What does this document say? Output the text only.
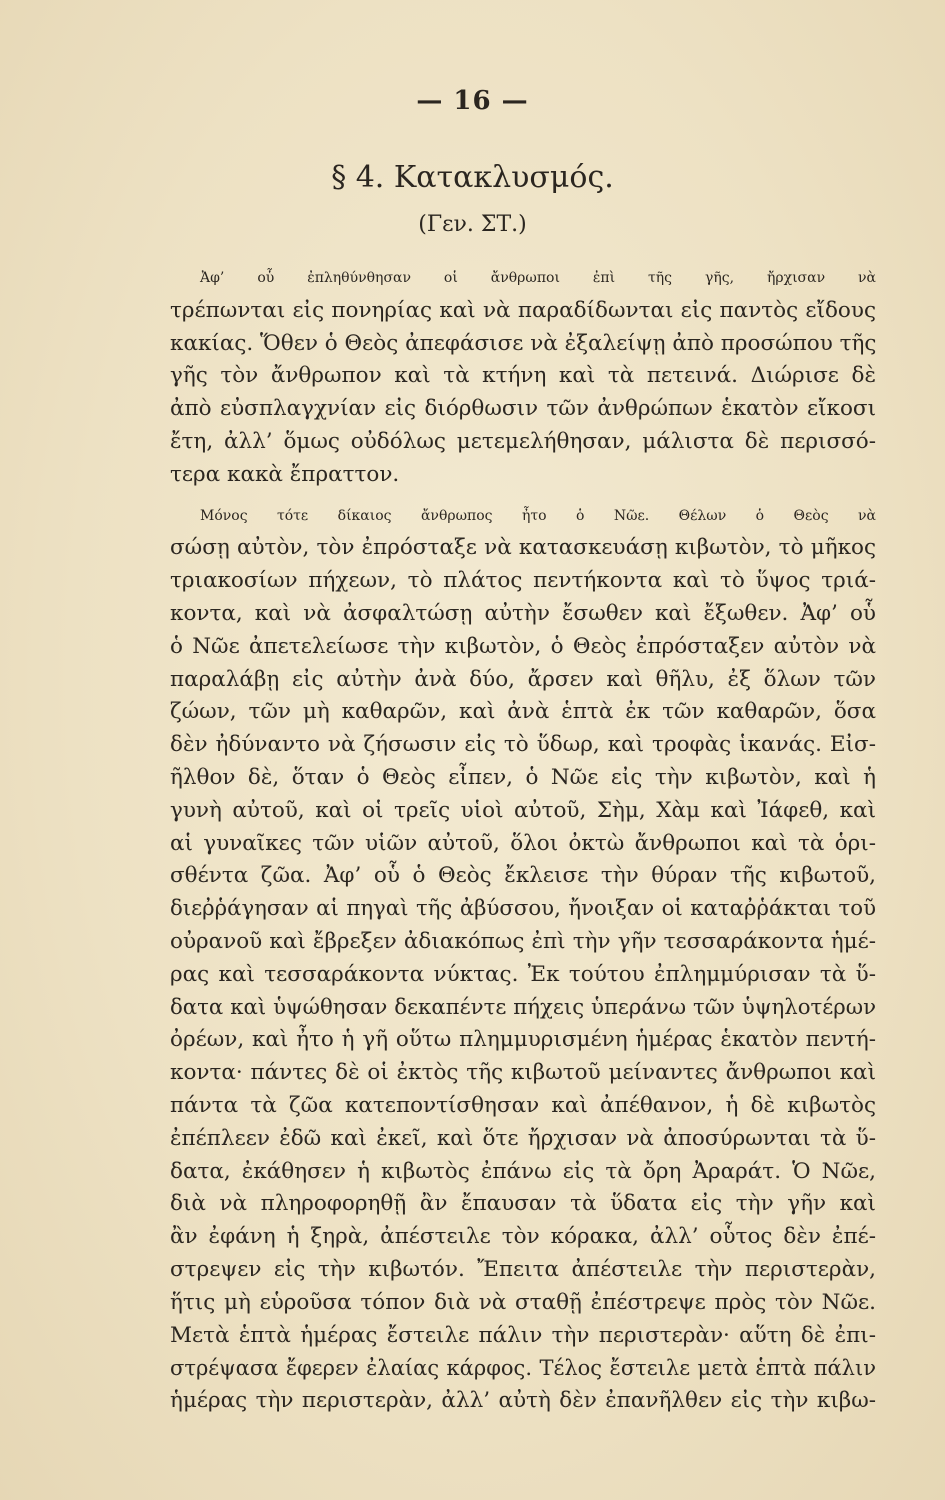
— 16 —
§ 4. Κατακλυσμός.
(Γεν. ΣΤ.)
Ἀφ’ οὗ ἐπληθύνθησαν οἱ ἄνθρωποι ἐπὶ τῆς γῆς, ἤρχισαν νὰ
τρέπωνται εἰς πονηρίας καὶ νὰ παραδίδωνται εἰς παντὸς εἴδους
κακίας. Ὅθεν ὁ Θεὸς ἀπεφάσισε νὰ ἐξαλείψῃ ἀπὸ προσώπου τῆς
γῆς τὸν ἄνθρωπον καὶ τὰ κτήνη καὶ τὰ πετεινά. Διώρισε δὲ
ἀπὸ εὐσπλαγχνίαν εἰς διόρθωσιν τῶν ἀνθρώπων ἑκατὸν εἴκοσι
ἔτη, ἀλλ’ ὅμως οὐδόλως μετεμελήθησαν, μάλιστα δὲ περισσό-
τερα κακὰ ἔπραττον.
Μόνος τότε δίκαιος ἄνθρωπος ἦτο ὁ Νῶε. Θέλων ὁ Θεὸς νὰ
σώσῃ αὐτὸν, τὸν ἐπρόσταξε νὰ κατασκευάσῃ κιβωτὸν, τὸ μῆκος
τριακοσίων πήχεων, τὸ πλάτος πεντήκοντα καὶ τὸ ὕψος τριά-
κοντα, καὶ νὰ ἀσφαλτώσῃ αὐτὴν ἔσωθεν καὶ ἔξωθεν. Ἀφ’ οὗ
ὁ Νῶε ἀπετελείωσε τὴν κιβωτὸν, ὁ Θεὸς ἐπρόσταξεν αὐτὸν νὰ
παραλάβῃ εἰς αὐτὴν ἀνὰ δύο, ἄρσεν καὶ θῆλυ, ἐξ ὅλων τῶν
ζώων, τῶν μὴ καθαρῶν, καὶ ἀνὰ ἑπτὰ ἐκ τῶν καθαρῶν, ὅσα
δὲν ἠδύναντο νὰ ζήσωσιν εἰς τὸ ὕδωρ, καὶ τροφὰς ἱκανάς. Εἰσ-
ῆλθον δὲ, ὅταν ὁ Θεὸς εἶπεν, ὁ Νῶε εἰς τὴν κιβωτὸν, καὶ ἡ
γυνὴ αὐτοῦ, καὶ οἱ τρεῖς υἱοὶ αὐτοῦ, Σὴμ, Χὰμ καὶ Ἰάφεθ, καὶ
αἱ γυναῖκες τῶν υἱῶν αὐτοῦ, ὅλοι ὀκτὼ ἄνθρωποι καὶ τὰ ὁρι-
σθέντα ζῶα. Ἀφ’ οὗ ὁ Θεὸς ἔκλεισε τὴν θύραν τῆς κιβωτοῦ,
διεῤῥάγησαν αἱ πηγαὶ τῆς ἀβύσσου, ἤνοιξαν οἱ καταῤῥάκται τοῦ
οὐρανοῦ καὶ ἔβρεξεν ἀδιακόπως ἐπὶ τὴν γῆν τεσσαράκοντα ἡμέ-
ρας καὶ τεσσαράκοντα νύκτας. Ἐκ τούτου ἐπλημμύρισαν τὰ ὕ-
δατα καὶ ὑψώθησαν δεκαπέντε πήχεις ὑπεράνω τῶν ὑψηλοτέρων
ὀρέων, καὶ ἦτο ἡ γῆ οὕτω πλημμυρισμένη ἡμέρας ἑκατὸν πεντή-
κοντα· πάντες δὲ οἱ ἐκτὸς τῆς κιβωτοῦ μείναντες ἄνθρωποι καὶ
πάντα τὰ ζῶα κατεποντίσθησαν καὶ ἀπέθανον, ἡ δὲ κιβωτὸς
ἐπέπλεεν ἐδῶ καὶ ἐκεῖ, καὶ ὅτε ἤρχισαν νὰ ἀποσύρωνται τὰ ὕ-
δατα, ἐκάθησεν ἡ κιβωτὸς ἐπάνω εἰς τὰ ὄρη Ἀραράτ. Ὁ Νῶε,
διὰ νὰ πληροφορηθῇ ἂν ἔπαυσαν τὰ ὕδατα εἰς τὴν γῆν καὶ
ἂν ἐφάνη ἡ ξηρὰ, ἀπέστειλε τὸν κόρακα, ἀλλ’ οὗτος δὲν ἐπέ-
στρεψεν εἰς τὴν κιβωτόν. Ἔπειτα ἀπέστειλε τὴν περιστερὰν,
ἥτις μὴ εὑροῦσα τόπον διὰ νὰ σταθῇ ἐπέστρεψε πρὸς τὸν Νῶε.
Μετὰ ἑπτὰ ἡμέρας ἔστειλε πάλιν τὴν περιστερὰν· αὕτη δὲ ἐπι-
στρέψασα ἔφερεν ἐλαίας κάρφος. Τέλος ἔστειλε μετὰ ἑπτὰ πάλιν
ἡμέρας τὴν περιστερὰν, ἀλλ’ αὐτὴ δὲν ἐπανῆλθεν εἰς τὴν κιβω-
